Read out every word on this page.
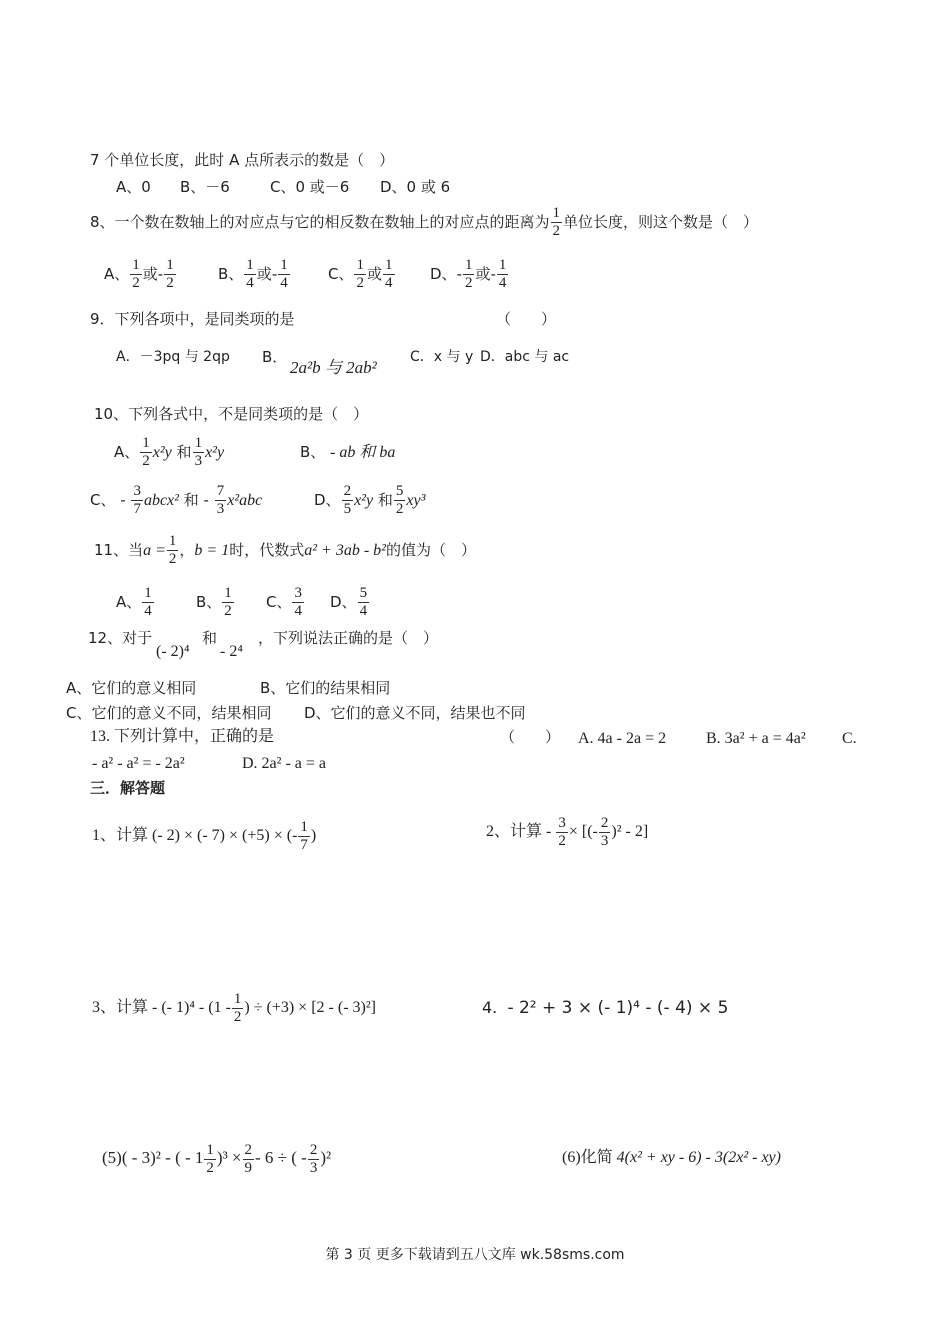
7 个单位长度，此时 A 点所表示的数是（　）
A、0 B、－6	C、0 或－6 D、0 或 6
8、一个数在数轴上的对应点与它的相反数在数轴上的对应点的距离为 $\frac{1}{2}$ 单位长度，则这个数是（　）
A、 $\frac{1}{2}$ 或- $\frac{1}{2}$	B、 $\frac{1}{4}$ 或- $\frac{1}{4}$	C、 $\frac{1}{2}$ 或 $\frac{1}{4}$ D、- $\frac{1}{2}$ 或- $\frac{1}{4}$
9．下列各项中，是同类项的是	（　　）
A．－3pq 与 2qp B．
2a²b 与 2ab²
C．x 与 y D．abc 与 ac
10、下列各式中，不是同类项的是（　）
A、 $\frac{1}{2} x^2y$ 和 $\frac{1}{3} x^2y$	B、 - ab 和 ba
C、 - $\frac{3}{7}$ abcx² 和 - $\frac{7}{3} x^2abc$	D、 $\frac{2}{5} x^2y$ 和 $\frac{5}{2} xy^3$
11、当$a = \frac{1}{2}$ ，b = 1时，代数式a² + 3ab - b²的值为（　）
A、 $\frac{1}{4}$	B、 $\frac{1}{2}$ C、 $\frac{3}{4}$ D、 $\frac{5}{4}$
12、对于
(- 2)⁴
和
- 2⁴
，下列说法正确的是（　）
A、它们的意义相同	B、它们的结果相同
C、它们的意义不同，结果相同 D、它们的意义不同，结果也不同
13. 下列计算中，正确的是	（　　） A. 4a - 2a = 2 B. 3a² + a = 4a² C.
- a² - a² = - 2a²	D. 2a² - a = a
三．解答题
1、计算 (- 2) × (- 7) × (+5) × (- $\frac{1}{7}$ )	2、计算 - $\frac{3}{2}$ × [(- $\frac{2}{3} )^2 - 2$]
3、计算 - (- $1)^4 - (1 - \frac{1}{2}$ ) ÷ (+3) × [2 - (- 3)²]	4. - 2² + 3 × (- 1)⁴ - (- 4) × 5
(5)( - 3)² - ( - $1 \frac{1}{2} )^3 \times \frac{2}{9} - 6$ ÷ ( - $\frac{2}{3} )^2$	(6)化简 4(x² + xy - 6) - 3(2x² - xy)
第 3 页 更多下载请到五八文库 wk.58sms.com
